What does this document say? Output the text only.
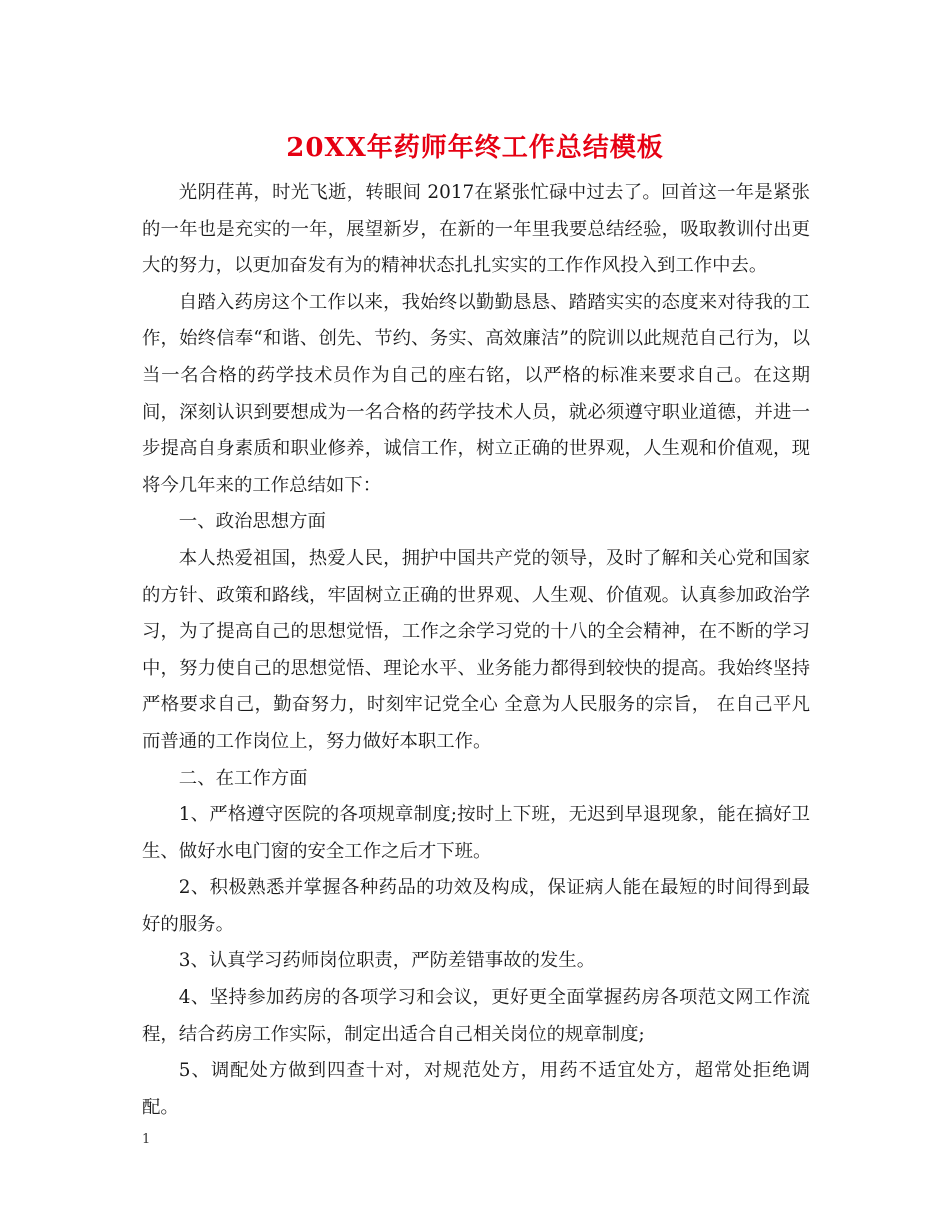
20XX年药师年终工作总结模板

光阴荏苒，时光飞逝，转眼间 2017在紧张忙碌中过去了。回首这一年是紧张的一年也是充实的一年，展望新岁，在新的一年里我要总结经验，吸取教训付出更大的努力，以更加奋发有为的精神状态扎扎实实的工作作风投入到工作中去。

自踏入药房这个工作以来，我始终以勤勤恳恳、踏踏实实的态度来对待我的工作，始终信奉“和谐、创先、节约、务实、高效廉洁”的院训以此规范自己行为，以当一名合格的药学技术员作为自己的座右铭，以严格的标准来要求自己。在这期间，深刻认识到要想成为一名合格的药学技术人员，就必须遵守职业道德，并进一步提高自身素质和职业修养，诚信工作，树立正确的世界观，人生观和价值观，现将今几年来的工作总结如下：

一、政治思想方面

本人热爱祖国，热爱人民，拥护中国共产党的领导，及时了解和关心党和国家的方针、政策和路线，牢固树立正确的世界观、人生观、价值观。认真参加政治学习，为了提高自己的思想觉悟，工作之余学习党的十八的全会精神，在不断的学习中，努力使自己的思想觉悟、理论水平、业务能力都得到较快的提高。我始终坚持严格要求自己，勤奋努力，时刻牢记党全心 全意为人民服务的宗旨， 在自己平凡而普通的工作岗位上，努力做好本职工作。

二、在工作方面

1、严格遵守医院的各项规章制度;按时上下班，无迟到早退现象，能在搞好卫生、做好水电门窗的安全工作之后才下班。

2、积极熟悉并掌握各种药品的功效及构成，保证病人能在最短的时间得到最好的服务。

3、认真学习药师岗位职责，严防差错事故的发生。

4、坚持参加药房的各项学习和会议，更好更全面掌握药房各项范文网工作流程，结合药房工作实际，制定出适合自己相关岗位的规章制度;

5、调配处方做到四查十对，对规范处方，用药不适宜处方，超常处拒绝调配。

1
